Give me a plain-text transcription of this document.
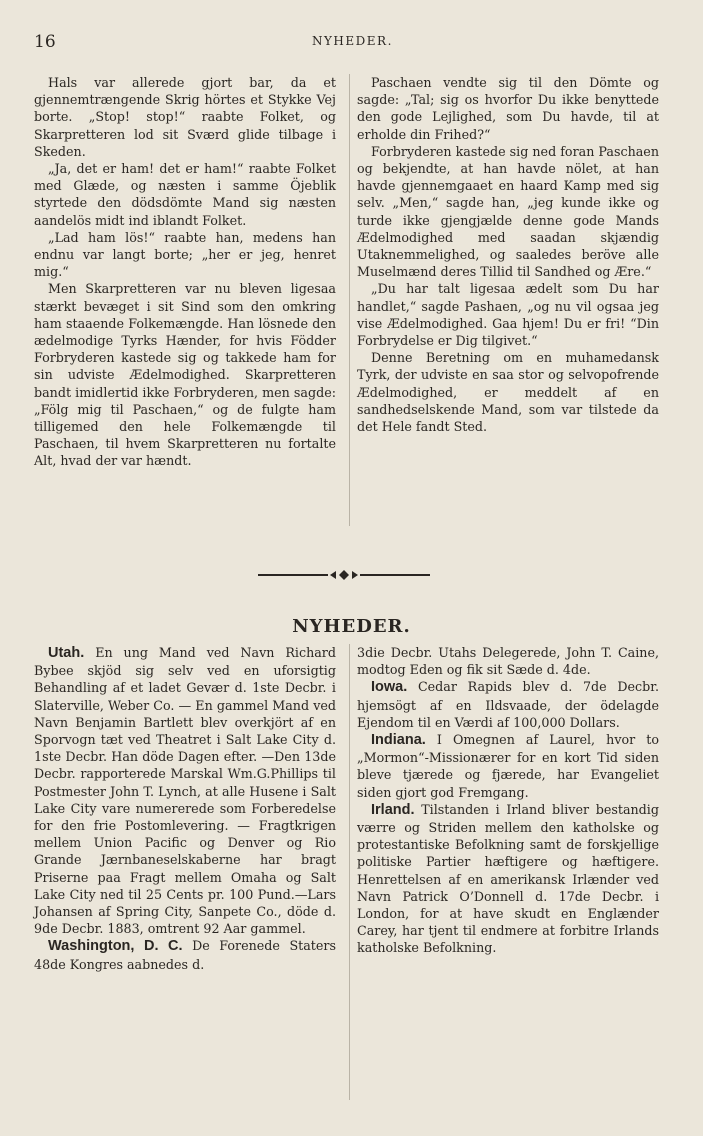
16	NYHEDER.

Hals var allerede gjort bar, da et gjennemtrængende Skrig hörtes et Stykke Vej borte. „Stop! stop!“ raabte Folket, og Skarpretteren lod sit Sværd glide tilbage i Skeden.

„Ja, det er ham! det er ham!“ raabte Folket med Glæde, og næsten i samme Öjeblik styrtede den dödsdömte Mand sig næsten aandelös midt ind iblandt Folket.

„Lad ham lös!“ raabte han, medens han endnu var langt borte; „her er jeg, henret mig.“

Men Skarpretteren var nu bleven ligesaa stærkt bevæget i sit Sind som den omkring ham staaende Folkemængde. Han lösnede den ædelmodige Tyrks Hænder, for hvis Födder Forbryderen kastede sig og takkede ham for sin udviste Ædelmodighed. Skarpretteren bandt imidlertid ikke Forbryderen, men sagde: „Fölg mig til Paschaen,“ og de fulgte ham tilligemed den hele Folkemængde til Paschaen, til hvem Skarpretteren nu fortalte Alt, hvad der var hændt.

Paschaen vendte sig til den Dömte og sagde: „Tal; sig os hvorfor Du ikke benyttede den gode Lejlighed, som Du havde, til at erholde din Frihed?“

Forbryderen kastede sig ned foran Paschaen og bekjendte, at han havde nölet, at han havde gjennemgaaet en haard Kamp med sig selv. „Men,“ sagde han, „jeg kunde ikke og turde ikke gjengjælde denne gode Mands Ædelmodighed med saadan skjændig Utaknemmelighed, og saaledes beröve alle Muselmænd deres Tillid til Sandhed og Ære.“

„Du har talt ligesaa ædelt som Du har handlet,“ sagde Pashaen, „og nu vil ogsaa jeg vise Ædelmodighed. Gaa hjem! Du er fri! “Din Forbrydelse er Dig tilgivet.“

Denne Beretning om en muhamedansk Tyrk, der udviste en saa stor og selvopofrende Ædelmodighed, er meddelt af en sandhedselskende Mand, som var tilstede da det Hele fandt Sted.

NYHEDER.

Utah. En ung Mand ved Navn Richard Bybee skjöd sig selv ved en uforsigtig Behandling af et ladet Gevær d. 1ste Decbr. i Slaterville, Weber Co. — En gammel Mand ved Navn Benjamin Bartlett blev overkjört af en Sporvogn tæt ved Theatret i Salt Lake City d. 1ste Decbr. Han döde Dagen efter. —Den 13de Decbr. rapporterede Marskal Wm.G.Phillips til Postmester John T. Lynch, at alle Husene i Salt Lake City vare numererede som Forberedelse for den frie Postomlevering. — Fragtkrigen mellem Union Pacific og Denver og Rio Grande Jærnbaneselskaberne har bragt Priserne paa Fragt mellem Omaha og Salt Lake City ned til 25 Cents pr. 100 Pund.—Lars Johansen af Spring City, Sanpete Co., döde d. 9de Decbr. 1883, omtrent 92 Aar gammel.

Washington, D. C. De Forenede Staters 48de Kongres aabnedes d.

3die Decbr. Utahs Delegerede, John T. Caine, modtog Eden og fik sit Sæde d. 4de.

Iowa. Cedar Rapids blev d. 7de Decbr. hjemsögt af en Ildsvaade, der ödelagde Ejendom til en Værdi af 100,000 Dollars.

Indiana. I Omegnen af Laurel, hvor to „Mormon“-Missionærer for en kort Tid siden bleve tjærede og fjærede, har Evangeliet siden gjort god Fremgang.

Irland. Tilstanden i Irland bliver bestandig værre og Striden mellem den katholske og protestantiske Befolkning samt de forskjellige politiske Partier hæftigere og hæftigere. Henrettelsen af en amerikansk Irlænder ved Navn Patrick O’Donnell d. 17de Decbr. i London, for at have skudt en Englænder Carey, har tjent til endmere at forbitre Irlands katholske Befolkning.
